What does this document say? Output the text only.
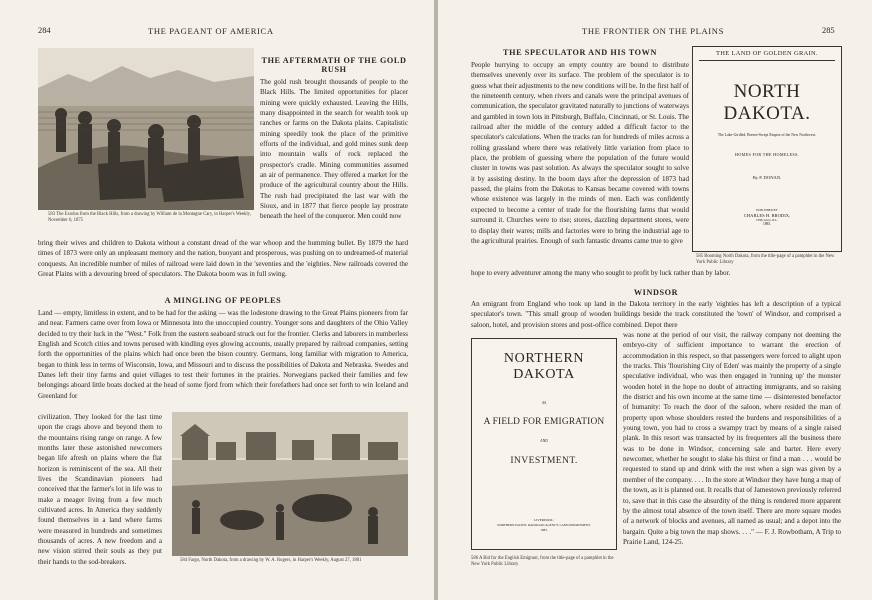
284	THE PAGEANT OF AMERICA
583 The Exodus from the Black Hills, from a drawing by William de la Montagne Cary, in Harper's Weekly, November 6, 1875
THE AFTERMATH OF THE GOLD RUSH

The gold rush brought thousands of people to the Black Hills. The limited opportunities for placer mining were quickly exhausted. Leaving the Hills, many disappointed in the search for wealth took up ranches or farms on the Dakota plains. Capitalistic mining speedily took the place of the primitive efforts of the individual, and gold mines sunk deep into mountain walls of rock replaced the prospector's cradle. Mining communities assumed an air of permanence. They offered a market for the produce of the agricultural country about the Hills. The rush had precipitated the last war with the Sioux, and in 1877 that fierce people lay prostrate beneath the heel of the conqueror. Men could now

bring their wives and children to Dakota without a constant dread of the war whoop and the humming bullet. By 1879 the hard times of 1873 were only an unpleasant memory and the nation, buoyant and prosperous, was pushing on to undreamed-of material conquests. An incredible number of miles of railroad were laid down in the 'seventies and the 'eighties. New railroads covered the Great Plains with a devouring breed of speculators. The Dakota boom was in full swing.

A MINGLING OF PEOPLES

Land — empty, limitless in extent, and to be had for the asking — was the lodestone drawing to the Great Plains pioneers from far and near. Farmers came over from Iowa or Minnesota into the unoccupied country. Younger sons and daughters of the Ohio Valley decided to try their luck in the "West." Folk from the eastern seaboard struck out for the frontier. Clerks and laborers in numberless English and Scotch cities and towns perused with kindling eyes glowing accounts, usually prepared by railroad companies, setting forth the opportunities of the plains which had once been the bison country. Germans, long familiar with migration to America, began to think less in terms of Wisconsin, Iowa, and Missouri and to discuss the possibilities of Dakota and Nebraska. Swedes and Danes left their tiny farms and quiet villages to test their fortunes in the prairies. Norwegians packed their families and few belongings aboard little boats docked at the head of some fjord from which their forefathers had once set forth to win Iceland and Greenland for

civilization. They looked for the last time upon the crags above and beyond them to the mountains rising range on range. A few months later these astonished newcomers began life afresh on plains where the flat horizon is reminiscent of the sea. All their lives the Scandinavian pioneers had conceived that the farmer's lot in life was to make a meager living from a few much cultivated acres. In America they suddenly found themselves in a land where farms were measured in hundreds and sometimes thousands of acres. A new freedom and a new vision stirred their souls as they put their hands to the sod-breakers.	584 Fargo, North Dakota, from a drawing by W. A. Rogers, in Harper's Weekly, August 27, 1881
THE FRONTIER ON THE PLAINS	285
THE SPECULATOR AND HIS TOWN

People hurrying to occupy an empty country are bound to distribute themselves unevenly over its surface. The problem of the speculator is to guess what their adjustments to the new conditions will be. In the first half of the nineteenth century, when rivers and canals were the principal avenues of communication, the speculator gravitated naturally to junctions of waterways and gambled in town lots in Pittsburgh, Buffalo, Cincinnati, or St. Louis. The railroad after the middle of the century added a difficult factor to the speculator's calculations. When the tracks ran for hundreds of miles across a rolling grassland where there was relatively little variation from place to place, the problem of guessing where the population of the future would cluster in towns was past solution. As always the speculator sought to solve it by assisting destiny. In the boom days after the depression of 1873 had passed, the plains from the Dakotas to Kansas became covered with towns whose existence was largely in the minds of men. Each was confidently expected to become a center of trade for the flourishing farms that would surround it. Churches were to rise; stores, dazzling department stores, were to display their wares; mills and factories were to bring the industrial age to the agricultural prairies. Enough of such fantastic dreams came true to give

hope to every adventurer among the many who sought to profit by luck rather than by labor.

THE LAND OF GOLDEN GRAIN.
NORTH DAKOTA.
The Lake-Girdled, Breeze-Swept Empire of the New Northwest.
HOMES FOR THE HOMELESS.
By P. DONAN.
PUBLISHED BY
CHARLES H. BRODIX,
CHICAGO, ILL.
1885.
585 Booming North Dakota, from the title-page of a pamphlet in the New York Public Library
WINDSOR

An emigrant from England who took up land in the Dakota territory in the early 'eighties has left a description of a typical speculator's town. "This small group of wooden buildings beside the track constituted the 'town' of Windsor, and comprised a saloon, hotel, and provision stores and post-office combined. Depot there

NORTHERN DAKOTA
AS
A FIELD FOR EMIGRATION
AND
INVESTMENT.
LIVERPOOL:
NORTHERN PACIFIC RAILROAD AGENCY, LAND DEPARTMENT.
1883.
586 A Bid for the English Emigrant, from the title-page of a pamphlet in the New York Public Library

was none at the period of our visit, the railway company not deeming the embryo-city of sufficient importance to warrant the erection of accommodation in this respect, so that passengers were forced to alight upon the tracks. This 'flourishing City of Eden' was mainly the property of a single speculative individual, who was then engaged in 'running up' the monster wooden hotel in the hope no doubt of attracting immigrants, and so raising the district and his own income at the same time — disinterested benefactor of humanity: To reach the door of the saloon, where resided the man of property upon whose shoulders rested the burdens and responsibilities of a young town, you had to cross a swampy tract by means of a single raised plank. In this resort was transacted by its frequenters all the business there was to be done in Windsor, concerning sale and barter. Here every newcomer, whether he sought to slake his thirst or find a man . . . would be requested to stand up and drink with the rest when a sign was given by a member of the company. . . . In the store at Windsor they have hung a map of the town, as it is planned out. It recalls that of Jamestown previously referred to, save that in this case the absurdity of the thing is rendered more apparent by the almost total absence of the town itself. There are more square modes of a network of blocks and avenues, all named as usual; and a depot into the bargain. Quite a big town the map shows. . . ." — F. J. Rowbotham, A Trip to Prairie Land, 124-25.
